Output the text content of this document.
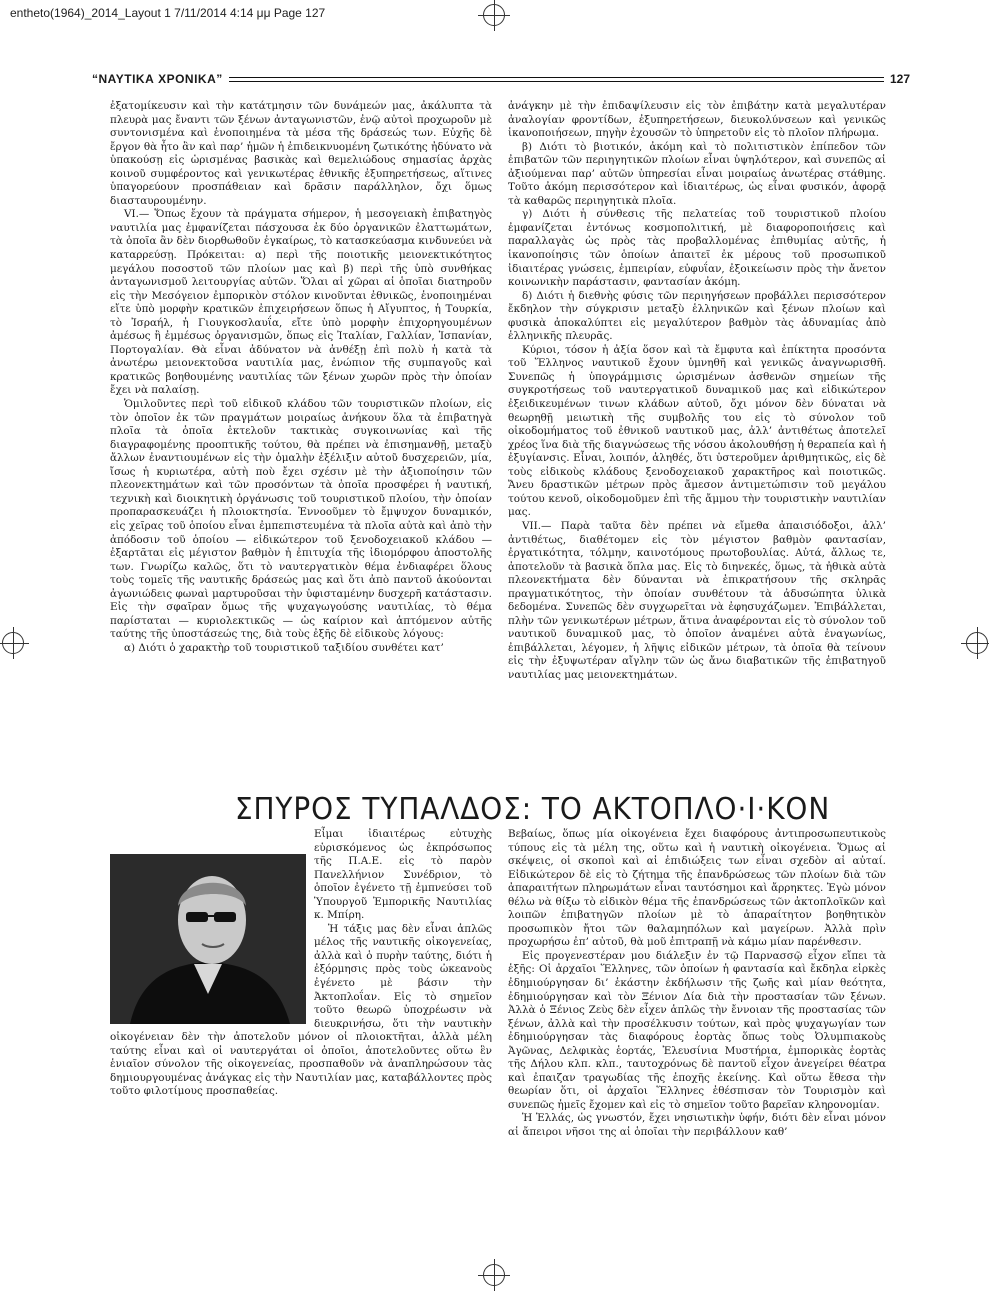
entheto(1964)_2014_Layout 1 7/11/2014 4:14 μμ Page 127
“ΝΑΥΤΙΚΑ ΧΡΟΝΙΚΑ”	127

ἐξατομίκευσιν καὶ τὴν κατάτμησιν τῶν δυνάμεών μας, ἀκάλυπτα τὰ πλευρὰ μας ἔναντι τῶν ξένων ἀνταγωνιστῶν, ἐνῷ αὐτοὶ προχωροῦν μὲ συντονισμένα καὶ ἑνοποιημένα τὰ μέσα τῆς δράσεώς των. Εὐχῆς δὲ ἔργον θὰ ἦτο ἂν καὶ παρ’ ἡμῶν ἡ ἐπιδεικνυομένη ζωτικότης ἠδύνατο νὰ ὑπακούσῃ εἰς ὡρισμένας βασικὰς καὶ θεμελιώδους σημασίας ἀρχὰς κοινοῦ συμφέροντος καὶ γενικωτέρας ἐθνικῆς ἐξυπηρετήσεως, αἵτινες ὑπαγορεύουν προσπάθειαν καὶ δρᾶσιν παράλληλον, ὄχι ὅμως διασταυρουμένην.

VI.— Ὅπως ἔχουν τὰ πράγματα σήμερον, ἡ μεσογειακὴ ἐπιβατηγὸς ναυτιλία μας ἐμφανίζεται πάσχουσα ἐκ δύο ὀργανικῶν ἐλαττωμάτων, τὰ ὁποῖα ἂν δὲν διορθωθοῦν ἐγκαίρως, τὸ κατασκεύασμα κινδυνεύει νὰ καταρρεύσῃ. Πρόκειται: α) περὶ τῆς ποιοτικῆς μειονεκτικότητος μεγάλου ποσοστοῦ τῶν πλοίων μας καὶ β) περὶ τῆς ὑπὸ συνθήκας ἀνταγωνισμοῦ λειτουργίας αὐτῶν. Ὅλαι αἱ χῶραι αἱ ὁποῖαι διατηροῦν εἰς τὴν Μεσόγειον ἐμπορικὸν στόλον κινοῦνται ἐθνικῶς, ἑνοποιημέναι εἴτε ὑπὸ μορφὴν κρατικῶν ἐπιχειρήσεων ὅπως ἡ Αἴγυπτος, ἡ Τουρκία, τὸ Ἰσραήλ, ἡ Γιουγκοσλαυΐα, εἴτε ὑπὸ μορφὴν ἐπιχορηγουμένων ἀμέσως ἢ ἐμμέσως ὀργανισμῶν, ὅπως εἰς Ἰταλίαν, Γαλλίαν, Ἱσπανίαν, Πορτογαλίαν. Θὰ εἶναι ἀδύνατον νὰ ἀνθέξῃ ἐπὶ πολὺ ἡ κατὰ τὰ ἀνωτέρω μειονεκτοῦσα ναυτιλία μας, ἐνώπιον τῆς συμπαγοῦς καὶ κρατικῶς βοηθουμένης ναυτιλίας τῶν ξένων χωρῶν πρὸς τὴν ὁποίαν ἔχει νὰ παλαίσῃ.

Ὁμιλοῦντες περὶ τοῦ εἰδικοῦ κλάδου τῶν τουριστικῶν πλοίων, εἰς τὸν ὁποῖον ἐκ τῶν πραγμάτων μοιραίως ἀνήκουν ὅλα τὰ ἐπιβατηγὰ πλοῖα τὰ ὁποῖα ἐκτελοῦν τακτικὰς συγκοινωνίας καὶ τῆς διαγραφομένης προοπτικῆς τούτου, θὰ πρέπει νὰ ἐπισημανθῇ, μεταξὺ ἄλλων ἐναντιουμένων εἰς τὴν ὁμαλὴν ἐξέλιξιν αὐτοῦ δυσχερειῶν, μία, ἴσως ἡ κυριωτέρα, αὐτὴ ποὺ ἔχει σχέσιν μὲ τὴν ἀξιοποίησιν τῶν πλεονεκτημάτων καὶ τῶν προσόντων τὰ ὁποῖα προσφέρει ἡ ναυτική, τεχνικὴ καὶ διοικητικὴ ὀργάνωσις τοῦ τουριστικοῦ πλοίου, τὴν ὁποίαν προπαρασκευάζει ἡ πλοιοκτησία. Ἐννοοῦμεν τὸ ἔμψυχον δυναμικόν, εἰς χεῖρας τοῦ ὁποίου εἶναι ἐμπεπιστευμένα τὰ πλοῖα αὐτὰ καὶ ἀπὸ τὴν ἀπόδοσιν τοῦ ὁποίου — εἰδικώτερον τοῦ ξενοδοχειακοῦ κλάδου — ἐξαρτᾶται εἰς μέγιστον βαθμὸν ἡ ἐπιτυχία τῆς ἰδιομόρφου ἀποστολῆς των. Γνωρίζω καλῶς, ὅτι τὸ ναυτεργατικὸν θέμα ἐνδιαφέρει ὅλους τοὺς τομεῖς τῆς ναυτικῆς δράσεώς μας καὶ ὅτι ἀπὸ παντοῦ ἀκούονται ἀγωνιώδεις φωναὶ μαρτυροῦσαι τὴν ὑφισταμένην δυσχερῆ κατάστασιν. Εἰς τὴν σφαῖραν ὅμως τῆς ψυχαγωγούσης ναυτιλίας, τὸ θέμα παρίσταται — κυριολεκτικῶς — ὡς καίριον καὶ ἀπτόμενον αὐτῆς ταύτης τῆς ὑποστάσεώς της, διὰ τοὺς ἐξῆς δὲ εἰδικοὺς λόγους:

α) Διότι ὁ χαρακτὴρ τοῦ τουριστικοῦ ταξιδίου συνθέτει κατ’

ἀνάγκην μὲ τὴν ἐπιδαψίλευσιν εἰς τὸν ἐπιβάτην κατὰ μεγαλυτέραν ἀναλογίαν φροντίδων, ἐξυπηρετήσεων, διευκολύνσεων καὶ γενικῶς ἱκανοποιήσεων, πηγὴν ἐχουσῶν τὸ ὑπηρετοῦν εἰς τὸ πλοῖον πλήρωμα.

β) Διότι τὸ βιοτικόν, ἀκόμη καὶ τὸ πολιτιστικὸν ἐπίπεδον τῶν ἐπιβατῶν τῶν περιηγητικῶν πλοίων εἶναι ὑψηλότερον, καὶ συνεπῶς αἱ ἀξιούμεναι παρ’ αὐτῶν ὑπηρεσίαι εἶναι μοιραίως ἀνωτέρας στάθμης. Τοῦτο ἀκόμη περισσότερον καὶ ἰδιαιτέρως, ὡς εἶναι φυσικόν, ἀφορᾷ τὰ καθαρῶς περιηγητικὰ πλοῖα.

γ) Διότι ἡ σύνθεσις τῆς πελατείας τοῦ τουριστικοῦ πλοίου ἐμφανίζεται ἐντόνως κοσμοπολιτική, μὲ διαφοροποιήσεις καὶ παραλλαγὰς ὡς πρὸς τὰς προβαλλομένας ἐπιθυμίας αὐτῆς, ἡ ἱκανοποίησις τῶν ὁποίων ἀπαιτεῖ ἐκ μέρους τοῦ προσωπικοῦ ἰδιαιτέρας γνώσεις, ἐμπειρίαν, εὐφυΐαν, ἐξοικείωσιν πρὸς τὴν ἄνετον κοινωνικὴν παράστασιν, φαντασίαν ἀκόμη.

δ) Διότι ἡ διεθνὴς φύσις τῶν περιηγήσεων προβάλλει περισσότερον ἔκδηλον τὴν σύγκρισιν μεταξὺ ἑλληνικῶν καὶ ξένων πλοίων καὶ φυσικὰ ἀποκαλύπτει εἰς μεγαλύτερον βαθμὸν τὰς ἀδυναμίας ἀπὸ ἑλληνικῆς πλευρᾶς.

Κύριοι, τόσον ἡ ἀξία ὅσον καὶ τὰ ἔμφυτα καὶ ἐπίκτητα προσόντα τοῦ Ἕλληνος ναυτικοῦ ἔχουν ὑμνηθῆ καὶ γενικῶς ἀναγνωρισθῆ. Συνεπῶς ἡ ὑπογράμμισις ὡρισμένων ἀσθενῶν σημείων τῆς συγκροτήσεως τοῦ ναυτεργατικοῦ δυναμικοῦ μας καὶ εἰδικώτερον ἐξειδικευμένων τινων κλάδων αὐτοῦ, ὄχι μόνον δὲν δύναται νὰ θεωρηθῇ μειωτικὴ τῆς συμβολῆς του εἰς τὸ σύνολον τοῦ οἰκοδομήματος τοῦ ἐθνικοῦ ναυτικοῦ μας, ἀλλ’ ἀντιθέτως ἀποτελεῖ χρέος ἵνα διὰ τῆς διαγνώσεως τῆς νόσου ἀκολουθήσῃ ἡ θεραπεία καὶ ἡ ἐξυγίανσις. Εἶναι, λοιπόν, ἀληθές, ὅτι ὑστεροῦμεν ἀριθμητικῶς, εἰς δὲ τοὺς εἰδικοὺς κλάδους ξενοδοχειακοῦ χαρακτῆρος καὶ ποιοτικῶς. Ἄνευ δραστικῶν μέτρων πρὸς ἄμεσον ἀντιμετώπισιν τοῦ μεγάλου τούτου κενοῦ, οἰκοδομοῦμεν ἐπὶ τῆς ἄμμου τὴν τουριστικὴν ναυτιλίαν μας.

VII.— Παρὰ ταῦτα δὲν πρέπει νὰ εἴμεθα ἀπαισιόδοξοι, ἀλλ’ ἀντιθέτως, διαθέτομεν εἰς τὸν μέγιστον βαθμὸν φαντασίαν, ἐργατικότητα, τόλμην, καινοτόμους πρωτοβουλίας. Αὐτά, ἄλλως τε, ἀποτελοῦν τὰ βασικὰ ὅπλα μας. Εἰς τὸ διηνεκές, ὅμως, τὰ ἠθικὰ αὐτὰ πλεονεκτήματα δὲν δύνανται νὰ ἐπικρατήσουν τῆς σκληρᾶς πραγματικότητος, τὴν ὁποίαν συνθέτουν τὰ ἀδυσώπητα ὑλικὰ δεδομένα. Συνεπῶς δὲν συγχωρεῖται νὰ ἐφησυχάζωμεν. Ἐπιβάλλεται, πλὴν τῶν γενικωτέρων μέτρων, ἅτινα ἀναφέρονται εἰς τὸ σύνολον τοῦ ναυτικοῦ δυναμικοῦ μας, τὸ ὁποῖον ἀναμένει αὐτὰ ἐναγωνίως, ἐπιβάλλεται, λέγομεν, ἡ λῆψις εἰδικῶν μέτρων, τὰ ὁποῖα θὰ τείνουν εἰς τὴν ἐξυψωτέραν αἴγλην τῶν ὡς ἄνω διαβατικῶν τῆς ἐπιβατηγοῦ ναυτιλίας μας μειονεκτημάτων.

ΣΠΥΡΟΣ ΤΥΠΑΛΔΟΣ: ΤΟ ΑΚΤΟΠΛΟ·Ι·ΚΟΝ

Εἶμαι ἰδιαιτέρως εὐτυχὴς εὑρισκόμενος ὡς ἐκπρόσωπος τῆς Π.Α.Ε. εἰς τὸ παρὸν Πανελλήνιον Συνέδριον, τὸ ὁποῖον ἐγένετο τῇ ἐμπνεύσει τοῦ Ὑπουργοῦ Ἐμπορικῆς Ναυτιλίας κ. Μπίρη.

Ἡ τάξις μας δὲν εἶναι ἁπλῶς μέλος τῆς ναυτικῆς οἰκογενείας, ἀλλὰ καὶ ὁ πυρὴν ταύτης, διότι ἡ ἐξόρμησις πρὸς τοὺς ὠκεανοὺς ἐγένετο μὲ βάσιν τὴν Ἀκτοπλοΐαν. Εἰς τὸ σημεῖον τοῦτο θεωρῶ ὑποχρέωσιν νὰ διευκρινήσω, ὅτι τὴν ναυτικὴν οἰκογένειαν δὲν τὴν ἀποτελοῦν μόνον οἱ πλοιοκτῆται, ἀλλὰ μέλη ταύτης εἶναι καὶ οἱ ναυτεργάται οἱ ὁποῖοι, ἀποτελοῦντες οὕτω ἓν ἑνιαῖον σύνολον τῆς οἰκογενείας, προσπαθοῦν νὰ ἀναπληρώσουν τὰς δημιουργουμένας ἀνάγκας εἰς τὴν Ναυτιλίαν μας, καταβάλλοντες πρὸς τοῦτο φιλοτίμους προσπαθείας.

Βεβαίως, ὅπως μία οἰκογένεια ἔχει διαφόρους ἀντιπροσωπευτικοὺς τύπους εἰς τὰ μέλη της, οὕτω καὶ ἡ ναυτικὴ οἰκογένεια. Ὅμως αἱ σκέψεις, οἱ σκοποὶ καὶ αἱ ἐπιδιώξεις των εἶναι σχεδὸν αἱ αὐταί. Εἰδικώτερον δὲ εἰς τὸ ζήτημα τῆς ἐπανδρώσεως τῶν πλοίων διὰ τῶν ἀπαραιτήτων πληρωμάτων εἶναι ταυτόσημοι καὶ ἄρρηκτες. Ἐγὼ μόνον θέλω νὰ θίξω τὸ εἰδικὸν θέμα τῆς ἐπανδρώσεως τῶν ἀκτοπλοϊκῶν καὶ λοιπῶν ἐπιβατηγῶν πλοίων μὲ τὸ ἀπαραίτητον βοηθητικὸν προσωπικὸν ἤτοι τῶν θαλαμηπόλων καὶ μαγείρων. Ἀλλὰ πρὶν προχωρήσω ἐπ’ αὐτοῦ, θὰ μοῦ ἐπιτραπῇ νὰ κάμω μίαν παρένθεσιν.

Εἰς προγενεστέραν μου διάλεξιν ἐν τῷ Παρνασσῷ εἶχον εἴπει τὰ ἑξῆς: Οἱ ἀρχαῖοι Ἕλληνες, τῶν ὁποίων ἡ φαντασία καὶ ἔκδηλα εἰρκὲς ἐδημιούργησαν δι’ ἑκάστην ἐκδήλωσιν τῆς ζωῆς καὶ μίαν θεότητα, ἐδημιούργησαν καὶ τὸν Ξένιον Δία διὰ τὴν προστασίαν τῶν ξένων. Ἀλλὰ ὁ Ξένιος Ζεὺς δὲν εἶχεν ἁπλῶς τὴν ἔννοιαν τῆς προστασίας τῶν ξένων, ἀλλὰ καὶ τὴν προσέλκυσιν τούτων, καὶ πρὸς ψυχαγωγίαν των ἐδημιούργησαν τὰς διαφόρους ἑορτὰς ὅπως τοὺς Ὀλυμπιακοὺς Ἀγῶνας, Δελφικὰς ἑορτάς, Ἐλευσίνια Μυστήρια, ἐμπορικὰς ἑορτὰς τῆς Δήλου κλπ. κλπ., ταυτοχρόνως δὲ παντοῦ εἶχον ἀνεγείρει θέατρα καὶ ἐπαιζαν τραγωδίας τῆς ἐποχῆς ἐκείνης. Καὶ οὕτω ἔθεσα τὴν θεωρίαν ὅτι, οἱ ἀρχαῖοι Ἕλληνες ἐθέσπισαν τὸν Τουρισμὸν καὶ συνεπῶς ἡμεῖς ἔχομεν καὶ εἰς τὸ σημεῖον τοῦτο βαρεῖαν κληρονομίαν.

Ἡ Ἑλλάς, ὡς γνωστόν, ἔχει νησιωτικὴν ὑφήν, διότι δὲν εἶναι μόνον αἱ ἄπειροι νῆσοι της αἱ ὁποῖαι τὴν περιβάλλουν καθ’
